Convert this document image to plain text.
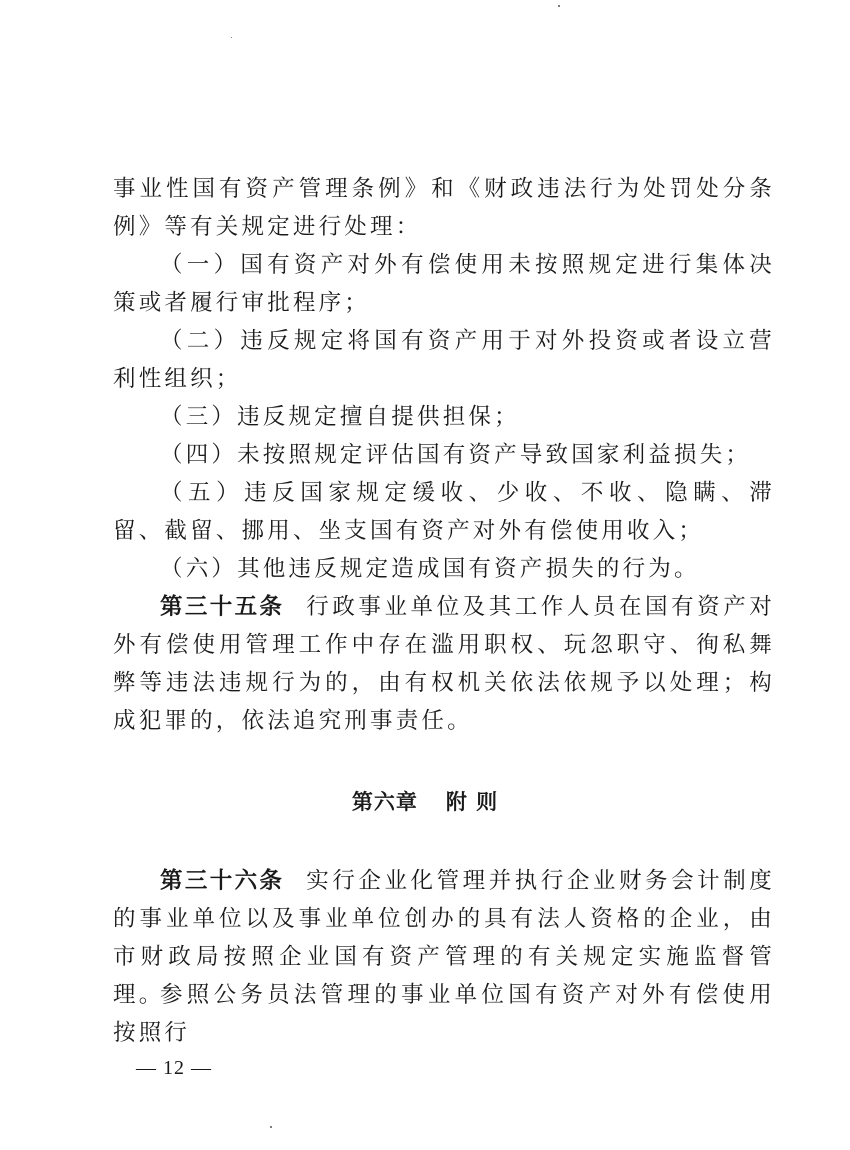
事业性国有资产管理条例》和《财政违法行为处罚处分条例》等有关规定进行处理：

（一）国有资产对外有偿使用未按照规定进行集体决策或者履行审批程序；

（二）违反规定将国有资产用于对外投资或者设立营利性组织；

（三）违反规定擅自提供担保；

（四）未按照规定评估国有资产导致国家利益损失；

（五）违反国家规定缓收、少收、不收、隐瞒、滞留、截留、挪用、坐支国有资产对外有偿使用收入；

（六）其他违反规定造成国有资产损失的行为。

第三十五条 行政事业单位及其工作人员在国有资产对外有偿使用管理工作中存在滥用职权、玩忽职守、徇私舞弊等违法违规行为的，由有权机关依法依规予以处理；构成犯罪的，依法追究刑事责任。

第六章 附 则

第三十六条 实行企业化管理并执行企业财务会计制度的事业单位以及事业单位创办的具有法人资格的企业，由市财政局按照企业国有资产管理的有关规定实施监督管理。

参照公务员法管理的事业单位国有资产对外有偿使用按照行

— 12 —
